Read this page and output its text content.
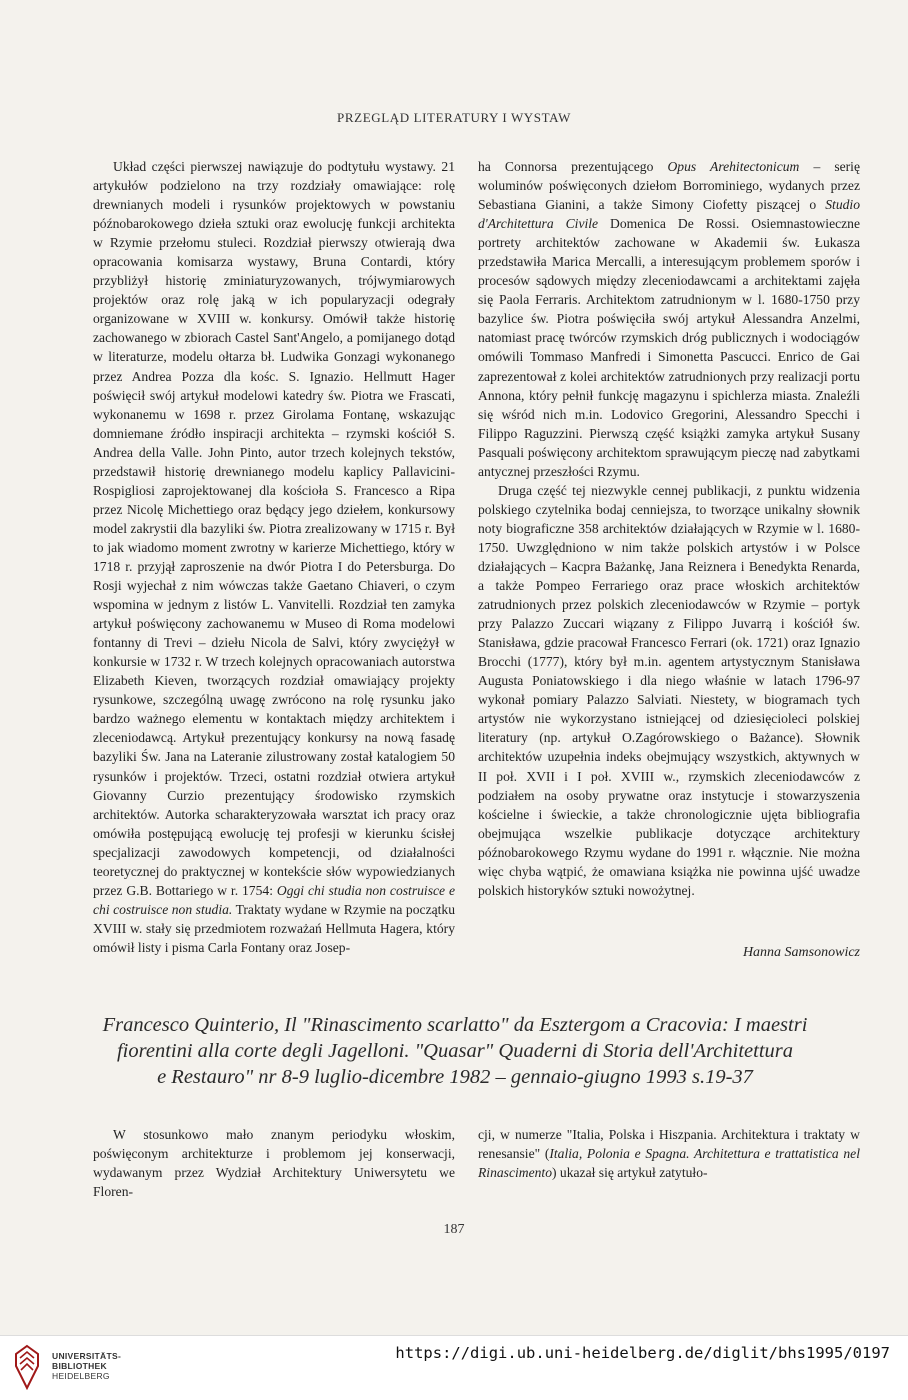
PRZEGLĄD LITERATURY I WYSTAW

Układ części pierwszej nawiązuje do podtytułu wystawy. 21 artykułów podzielono na trzy rozdziały omawiające: rolę drewnianych modeli i rysunków projektowych w powstaniu późnobarokowego dzieła sztuki oraz ewolucję funkcji architekta w Rzymie przełomu stuleci. Rozdział pierwszy otwierają dwa opracowania komisarza wystawy, Bruna Contardi, który przybliżył historię zminiaturyzowanych, trójwymiarowych projektów oraz rolę jaką w ich popularyzacji odegrały organizowane w XVIII w. konkursy. Omówił także historię zachowanego w zbiorach Castel Sant'Angelo, a pomijanego dotąd w literaturze, modelu ołtarza bł. Ludwika Gonzagi wykonanego przez Andrea Pozza dla kośc. S. Ignazio. Hellmutt Hager poświęcił swój artykuł modelowi katedry św. Piotra we Frascati, wykonanemu w 1698 r. przez Girolama Fontanę, wskazując domniemane źródło inspiracji architekta – rzymski kościół S. Andrea della Valle. John Pinto, autor trzech kolejnych tekstów, przedstawił historię drewnianego modelu kaplicy Pallavicini-Rospigliosi zaprojektowanej dla kościoła S. Francesco a Ripa przez Nicolę Michettiego oraz będący jego dziełem, konkursowy model zakrystii dla bazyliki św. Piotra zrealizowany w 1715 r. Był to jak wiadomo moment zwrotny w karierze Michettiego, który w 1718 r. przyjął zaproszenie na dwór Piotra I do Petersburga. Do Rosji wyjechał z nim wówczas także Gaetano Chiaveri, o czym wspomina w jednym z listów L. Vanvitelli. Rozdział ten zamyka artykuł poświęcony zachowanemu w Museo di Roma modelowi fontanny di Trevi – dziełu Nicola de Salvi, który zwyciężył w konkursie w 1732 r. W trzech kolejnych opracowaniach autorstwa Elizabeth Kieven, tworzących rozdział omawiający projekty rysunkowe, szczególną uwagę zwrócono na rolę rysunku jako bardzo ważnego elementu w kontaktach między architektem i zleceniodawcą. Artykuł prezentujący konkursy na nową fasadę bazyliki Św. Jana na Lateranie zilustrowany został katalogiem 50 rysunków i projektów. Trzeci, ostatni rozdział otwiera artykuł Giovanny Curzio prezentujący środowisko rzymskich architektów. Autorka scharakteryzowała warsztat ich pracy oraz omówiła postępującą ewolucję tej profesji w kierunku ścisłej specjalizacji zawodowych kompetencji, od działalności teoretycznej do praktycznej w kontekście słów wypowiedzianych przez G.B. Bottariego w r. 1754: Oggi chi studia non costruisce e chi costruisce non studia. Traktaty wydane w Rzymie na początku XVIII w. stały się przedmiotem rozważań Hellmuta Hagera, który omówił listy i pisma Carla Fontany oraz Josep-

ha Connorsa prezentującego Opus Arehitectonicum – serię woluminów poświęconych dziełom Borrominiego, wydanych przez Sebastiana Gianini, a także Simony Ciofetty piszącej o Studio d'Architettura Civile Domenica De Rossi. Osiemnastowieczne portrety architektów zachowane w Akademii św. Łukasza przedstawiła Marica Mercalli, a interesującym problemem sporów i procesów sądowych między zleceniodawcami a architektami zajęła się Paola Ferraris. Architektom zatrudnionym w l. 1680-1750 przy bazylice św. Piotra poświęciła swój artykuł Alessandra Anzelmi, natomiast pracę twórców rzymskich dróg publicznych i wodociągów omówili Tommaso Manfredi i Simonetta Pascucci. Enrico de Gai zaprezentował z kolei architektów zatrudnionych przy realizacji portu Annona, który pełnił funkcję magazynu i spichlerza miasta. Znaleźli się wśród nich m.in. Lodovico Gregorini, Alessandro Specchi i Filippo Raguzzini. Pierwszą część książki zamyka artykuł Susany Pasquali poświęcony architektom sprawującym pieczę nad zabytkami antycznej przeszłości Rzymu.

Druga część tej niezwykle cennej publikacji, z punktu widzenia polskiego czytelnika bodaj cenniejsza, to tworzące unikalny słownik noty biograficzne 358 architektów działających w Rzymie w l. 1680-1750. Uwzględniono w nim także polskich artystów i w Polsce działających – Kacpra Bażankę, Jana Reiznera i Benedykta Renarda, a także Pompeo Ferrariego oraz prace włoskich architektów zatrudnionych przez polskich zleceniodawców w Rzymie – portyk przy Palazzo Zuccari wiązany z Filippo Juvarrą i kościół św. Stanisława, gdzie pracował Francesco Ferrari (ok. 1721) oraz Ignazio Brocchi (1777), który był m.in. agentem artystycznym Stanisława Augusta Poniatowskiego i dla niego właśnie w latach 1796-97 wykonał pomiary Palazzo Salviati. Niestety, w biogramach tych artystów nie wykorzystano istniejącej od dziesięcioleci polskiej literatury (np. artykuł O.Zagórowskiego o Bażance). Słownik architektów uzupełnia indeks obejmujący wszystkich, aktywnych w II poł. XVII i I poł. XVIII w., rzymskich zleceniodawców z podziałem na osoby prywatne oraz instytucje i stowarzyszenia kościelne i świeckie, a także chronologicznie ujęta bibliografia obejmująca wszelkie publikacje dotyczące architektury późnobarokowego Rzymu wydane do 1991 r. włącznie. Nie można więc chyba wątpić, że omawiana książka nie powinna ujść uwadze polskich historyków sztuki nowożytnej.

Hanna Samsonowicz
Francesco Quinterio, Il "Rinascimento scarlatto" da Esztergom a Cracovia: I maestri
fiorentini alla corte degli Jagelloni. "Quasar" Quaderni di Storia dell'Architettura
e Restauro" nr 8-9 luglio-dicembre 1982 – gennaio-giugno 1993 s.19-37

W stosunkowo mało znanym periodyku włoskim, poświęconym architekturze i problemom jej konserwacji, wydawanym przez Wydział Architektury Uniwersytetu we Floren-

cji, w numerze "Italia, Polska i Hiszpania. Architektura i traktaty w renesansie" (Italia, Polonia e Spagna. Architettura e trattatistica nel Rinascimento) ukazał się artykuł zatytuło-

187
UNIVERSITÄTS-
BIBLIOTHEK
HEIDELBERG
https://digi.ub.uni-heidelberg.de/diglit/bhs1995/0197
